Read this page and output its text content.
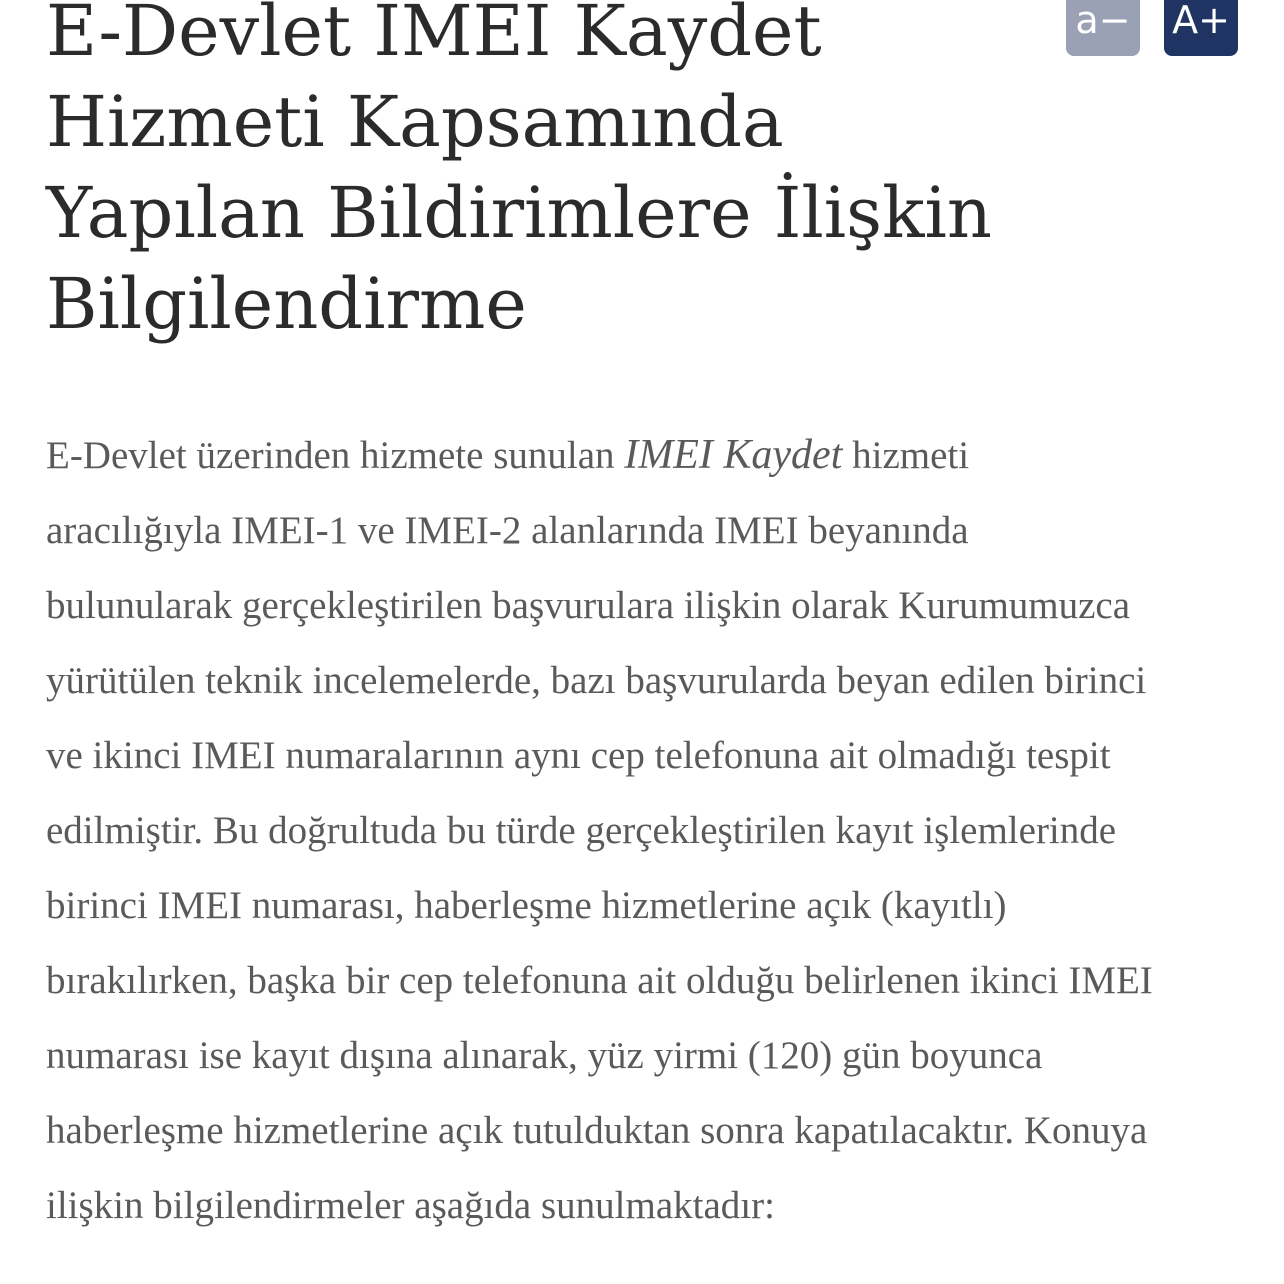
a− A+
E-Devlet IMEI Kaydet
Hizmeti Kapsamında
Yapılan Bildirimlere İlişkin
Bilgilendirme

E-Devlet üzerinden hizmete sunulan IMEI Kaydet hizmeti
aracılığıyla IMEI-1 ve IMEI-2 alanlarında IMEI beyanında
bulunularak gerçekleştirilen başvurulara ilişkin olarak Kurumumuzca
yürütülen teknik incelemelerde, bazı başvurularda beyan edilen birinci
ve ikinci IMEI numaralarının aynı cep telefonuna ait olmadığı tespit
edilmiştir. Bu doğrultuda bu türde gerçekleştirilen kayıt işlemlerinde
birinci IMEI numarası, haberleşme hizmetlerine açık (kayıtlı)
bırakılırken, başka bir cep telefonuna ait olduğu belirlenen ikinci IMEI
numarası ise kayıt dışına alınarak, yüz yirmi (120) gün boyunca
haberleşme hizmetlerine açık tutulduktan sonra kapatılacaktır. Konuya
ilişkin bilgilendirmeler aşağıda sunulmaktadır:
